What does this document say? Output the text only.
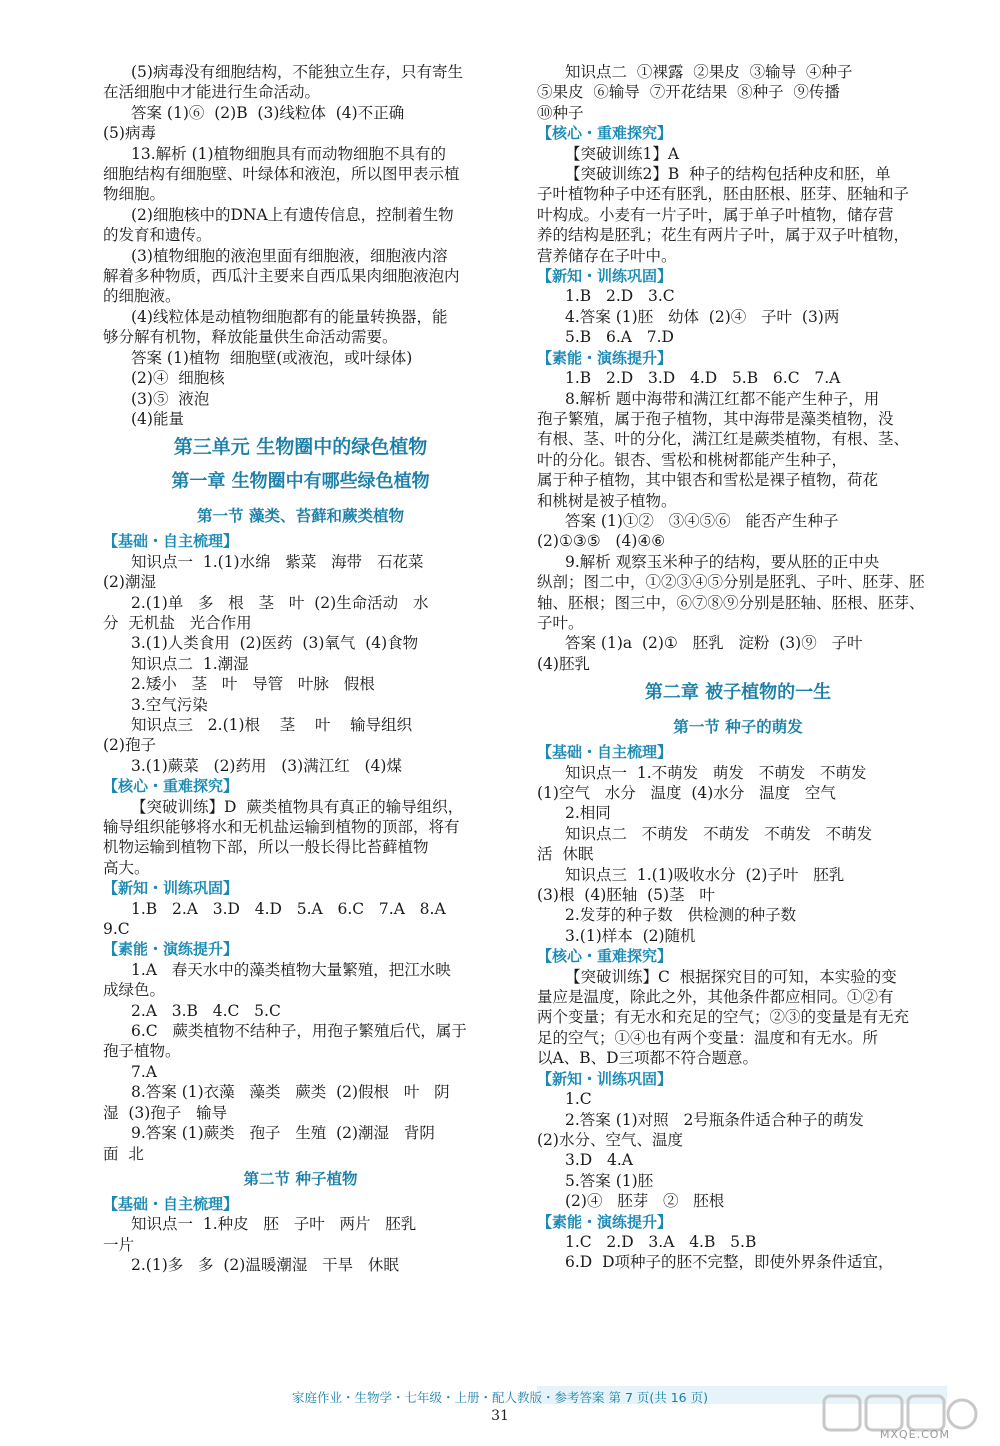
(5)病毒没有细胞结构，不能独立生存，只有寄生
在活细胞中才能进行生命活动。
答案 (1)⑥  (2)B  (3)线粒体  (4)不正确
(5)病毒
13.解析 (1)植物细胞具有而动物细胞不具有的
细胞结构有细胞壁、叶绿体和液泡，所以图甲表示植
物细胞。
(2)细胞核中的DNA上有遗传信息，控制着生物
的发育和遗传。
(3)植物细胞的液泡里面有细胞液，细胞液内溶
解着多种物质，西瓜汁主要来自西瓜果肉细胞液泡内
的细胞液。
(4)线粒体是动植物细胞都有的能量转换器，能
够分解有机物，释放能量供生命活动需要。
答案 (1)植物  细胞壁(或液泡，或叶绿体)
(2)④  细胞核
(3)⑤  液泡
(4)能量
第三单元 生物圈中的绿色植物
第一章 生物圈中有哪些绿色植物
第一节 藻类、苔藓和蕨类植物
【基础・自主梳理】
知识点一  1.(1)水绵   紫菜   海带   石花菜
(2)潮湿
2.(1)单   多   根   茎   叶  (2)生命活动   水
分  无机盐   光合作用
3.(1)人类食用  (2)医药  (3)氧气  (4)食物
知识点二  1.潮湿
2.矮小   茎   叶   导管   叶脉   假根
3.空气污染
知识点三   2.(1)根    茎    叶    输导组织
(2)孢子
3.(1)蕨菜   (2)药用   (3)满江红   (4)煤
【核心・重难探究】
【突破训练】D  蕨类植物具有真正的输导组织，
输导组织能够将水和无机盐运输到植物的顶部，将有
机物运输到植物下部，所以一般长得比苔藓植物
高大。
【新知・训练巩固】
1.B   2.A   3.D   4.D   5.A   6.C   7.A   8.A
9.C
【素能・演练提升】
1.A   春天水中的藻类植物大量繁殖，把江水映
成绿色。
2.A   3.B   4.C   5.C
6.C   蕨类植物不结种子，用孢子繁殖后代，属于
孢子植物。
7.A
8.答案 (1)衣藻   藻类   蕨类  (2)假根   叶   阴
湿  (3)孢子   输导
9.答案 (1)蕨类   孢子   生殖  (2)潮湿   背阴
面  北
第二节 种子植物
【基础・自主梳理】
知识点一  1.种皮   胚   子叶   两片   胚乳
一片
2.(1)多   多  (2)温暖潮湿   干旱   休眠
知识点二  ①裸露  ②果皮  ③输导  ④种子
⑤果皮  ⑥输导  ⑦开花结果  ⑧种子  ⑨传播
⑩种子
【核心・重难探究】
【突破训练1】A
【突破训练2】B  种子的结构包括种皮和胚，单
子叶植物种子中还有胚乳，胚由胚根、胚芽、胚轴和子
叶构成。小麦有一片子叶，属于单子叶植物，储存营
养的结构是胚乳；花生有两片子叶，属于双子叶植物，
营养储存在子叶中。
【新知・训练巩固】
1.B   2.D   3.C
4.答案 (1)胚   幼体  (2)④   子叶  (3)两
5.B   6.A   7.D
【素能・演练提升】
1.B   2.D   3.D   4.D   5.B   6.C   7.A
8.解析 题中海带和满江红都不能产生种子，用
孢子繁殖，属于孢子植物，其中海带是藻类植物，没
有根、茎、叶的分化，满江红是蕨类植物，有根、茎、
叶的分化。银杏、雪松和桃树都能产生种子，
属于种子植物，其中银杏和雪松是裸子植物，荷花
和桃树是被子植物。
答案 (1)①②   ③④⑤⑥   能否产生种子
(2)①③⑤   (4)④⑥
9.解析 观察玉米种子的结构，要从胚的正中央
纵剖；图二中，①②③④⑤分别是胚乳、子叶、胚芽、胚
轴、胚根；图三中，⑥⑦⑧⑨分别是胚轴、胚根、胚芽、
子叶。
答案 (1)a  (2)①   胚乳   淀粉  (3)⑨   子叶
(4)胚乳
第二章 被子植物的一生
第一节 种子的萌发
【基础・自主梳理】
知识点一  1.不萌发   萌发   不萌发   不萌发
(1)空气   水分   温度  (4)水分   温度   空气
2.相同
知识点二   不萌发   不萌发   不萌发   不萌发
活  休眠
知识点三  1.(1)吸收水分  (2)子叶   胚乳
(3)根  (4)胚轴  (5)茎   叶
2.发芽的种子数   供检测的种子数
3.(1)样本  (2)随机
【核心・重难探究】
【突破训练】C  根据探究目的可知，本实验的变
量应是温度，除此之外，其他条件都应相同。①②有
两个变量；有无水和充足的空气；②③的变量是有无充
足的空气；①④也有两个变量：温度和有无水。所
以A、B、D三项都不符合题意。
【新知・训练巩固】
1.C
2.答案 (1)对照   2号瓶条件适合种子的萌发
(2)水分、空气、温度
3.D   4.A
5.答案 (1)胚
(2)④   胚芽   ②   胚根
【素能・演练提升】
1.C   2.D   3.A   4.B   5.B
6.D  D项种子的胚不完整，即使外界条件适宜，
家庭作业・生物学・七年级・上册・配人教版・参考答案 第 7 页(共 16 页)
31
MXQE.COM
